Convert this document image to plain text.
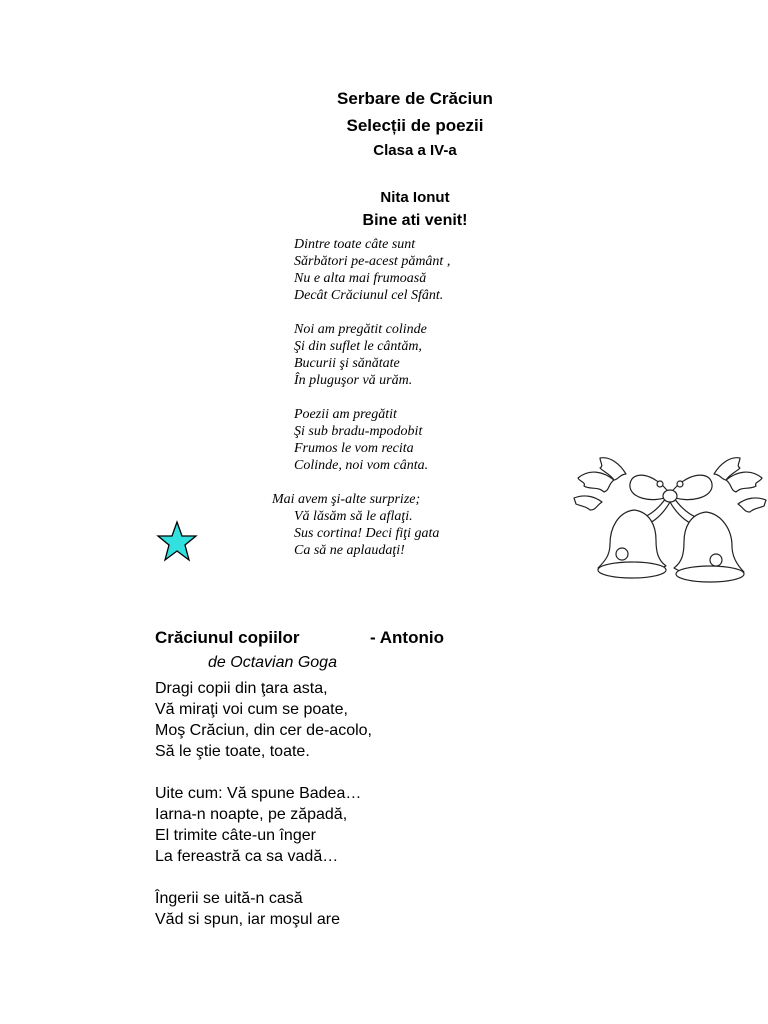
Serbare de Crăciun
Selecții de poezii
Clasa a IV-a
Nita Ionut
Bine ati venit!
Dintre toate câte sunt
Sărbători pe-acest pământ ,
Nu e alta mai frumoasă
Decât Crăciunul cel Sfânt.
Noi am pregătit colinde
Şi din suflet le cântăm,
Bucurii şi sănătate
În pluguşor vă urăm.
Poezii am pregătit
Şi sub bradu-mpodobit
Frumos le vom recita
Colinde, noi vom cânta.
Mai avem şi-alte surprize;
Vă lăsăm să le aflaţi.
Sus cortina! Deci fiţi gata
Ca să ne aplaudaţi!
Crăciunul copiilor	- Antonio
de Octavian Goga
Dragi copii din ţara asta,
Vă miraţi voi cum se poate,
Moş Crăciun, din cer de-acolo,
Să le ştie toate, toate.
Uite cum: Vă spune Badea…
Iarna-n noapte, pe zăpadă,
El trimite câte-un înger
La fereastră ca sa vadă…
Îngerii se uită-n casă
Văd si spun, iar moşul are
